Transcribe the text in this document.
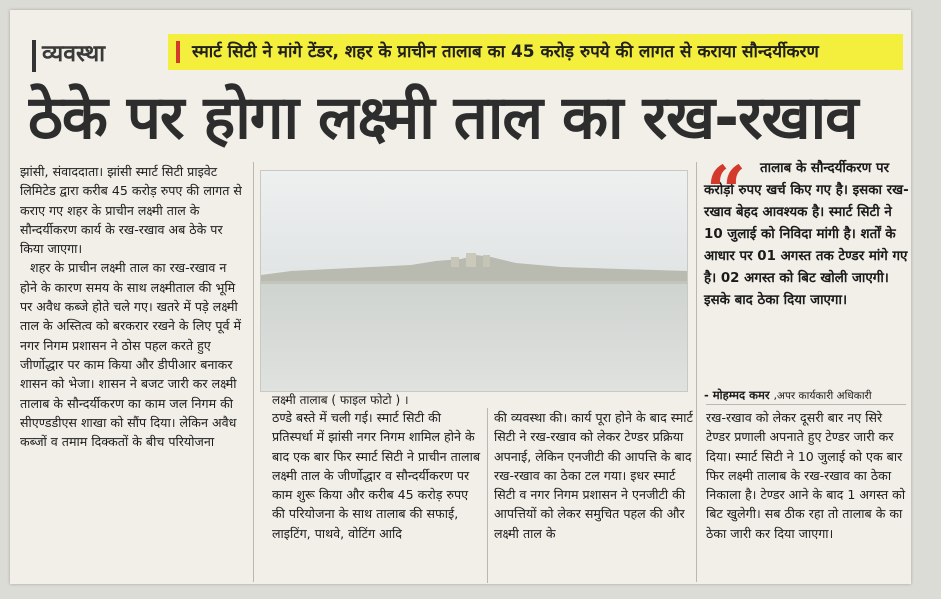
व्यवस्था	स्मार्ट सिटी ने मांगे टेंडर, शहर के प्राचीन तालाब का 45 करोड़ रुपये की लागत से कराया सौन्दर्यीकरण
ठेके पर होगा लक्ष्मी ताल का रख-रखाव

झांसी, संवाददाता। झांसी स्मार्ट सिटी प्राइवेट लिमिटेड द्वारा करीब 45 करोड़ रुपए की लागत से कराए गए शहर के प्राचीन लक्ष्मी ताल के सौन्दर्यीकरण कार्य के रख-रखाव अब ठेके पर किया जाएगा।

शहर के प्राचीन लक्ष्मी ताल का रख-रखाव न होने के कारण समय के साथ लक्ष्मीताल की भूमि पर अवैध कब्जे होते चले गए। खतरे में पड़े लक्ष्मी ताल के अस्तित्व को बरकरार रखने के लिए पूर्व में नगर निगम प्रशासन ने ठोस पहल करते हुए जीर्णोद्धार पर काम किया और डीपीआर बनाकर शासन को भेजा। शासन ने बजट जारी कर लक्ष्मी तालाब के सौन्दर्यीकरण का काम जल निगम की सीएण्डडीएस शाखा को सौंप दिया। लेकिन अवैध कब्जों व तमाम दिक्कतों के बीच परियोजना

लक्ष्मी तालाब ( फाइल फोटो ) ।
“	तालाब के सौन्दर्यीकरण पर करोड़ो रुपए खर्च किए गए है। इसका रख-रखाव बेहद आवश्यक है। स्मार्ट सिटी ने 10 जुलाई को निविदा मांगी है। शर्तों के आधार पर 01 अगस्त तक टेण्डर मांगे गए है। 02 अगस्त को बिट खोली जाएगी। इसके बाद ठेका दिया जाएगा।

- मोहम्मद कमर ,अपर कार्यकारी अधिकारी

ठण्डे बस्ते में चली गई। स्मार्ट सिटी की प्रतिस्पर्धा में झांसी नगर निगम शामिल होने के बाद एक बार फिर स्मार्ट सिटी ने प्राचीन तालाब लक्ष्मी ताल के जीर्णोद्धार व सौन्दर्यीकरण पर काम शुरू किया और करीब 45 करोड़ रुपए की परियोजना के साथ तालाब की सफाई, लाइटिंग, पाथवे, वोटिंग आदि

की व्यवस्था की। कार्य पूरा होने के बाद स्मार्ट सिटी ने रख-रखाव को लेकर टेण्डर प्रक्रिया अपनाई, लेकिन एनजीटी की आपत्ति के बाद रख-रखाव का ठेका टल गया। इधर स्मार्ट सिटी व नगर निगम प्रशासन ने एनजीटी की आपत्तियों को लेकर समुचित पहल की और लक्ष्मी ताल के

रख-रखाव को लेकर दूसरी बार नए सिरे टेण्डर प्रणाली अपनाते हुए टेण्डर जारी कर दिया। स्मार्ट सिटी ने 10 जुलाई को एक बार फिर लक्ष्मी तालाब के रख-रखाव का ठेका निकाला है। टेण्डर आने के बाद 1 अगस्त को बिट खुलेगी। सब ठीक रहा तो तालाब के का ठेका जारी कर दिया जाएगा।
